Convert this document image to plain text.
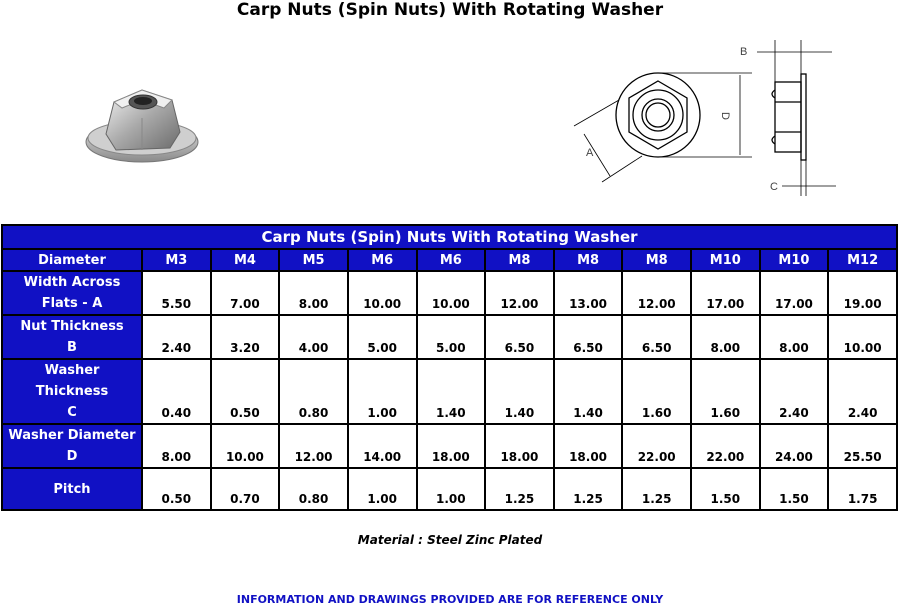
Carp Nuts (Spin Nuts) With Rotating Washer
B
D
A
C
Carp Nuts (Spin) Nuts With Rotating Washer											
Diameter	M3	M4	M5	M6	M6	M8	M8	M8	M10	M10	M12
Width Across
Flats - A	5.50	7.00	8.00	10.00	10.00	12.00	13.00	12.00	17.00	17.00	19.00
Nut Thickness
B	2.40	3.20	4.00	5.00	5.00	6.50	6.50	6.50	8.00	8.00	10.00
Washer Thickness
C	0.40	0.50	0.80	1.00	1.40	1.40	1.40	1.60	1.60	2.40	2.40
Washer Diameter
D	8.00	10.00	12.00	14.00	18.00	18.00	18.00	22.00	22.00	24.00	25.50
Pitch	0.50	0.70	0.80	1.00	1.00	1.25	1.25	1.25	1.50	1.50	1.75
Material : Steel Zinc Plated
INFORMATION AND DRAWINGS PROVIDED ARE FOR REFERENCE ONLY
